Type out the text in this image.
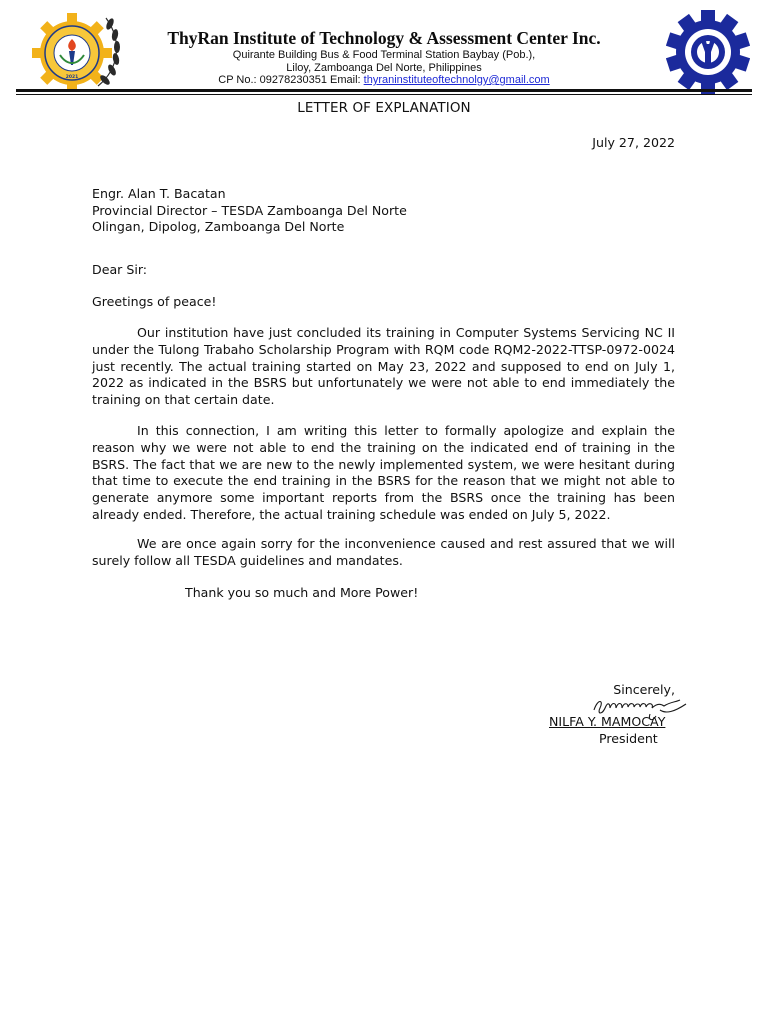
2021
ThyRan Institute of Technology & Assessment Center Inc.
Quirante Building Bus & Food Terminal Station Baybay (Pob.),
Liloy, Zamboanga Del Norte, Philippines
CP No.: 09278230351 Email: thyraninstituteoftechnolgy@gmail.com
LETTER OF EXPLANATION
July 27, 2022
Engr. Alan T. Bacatan
Provincial Director – TESDA Zamboanga Del Norte
Olingan, Dipolog, Zamboanga Del Norte
Dear Sir:
Greetings of peace!
Our institution have just concluded its training in Computer Systems Servicing NC II under the Tulong Trabaho Scholarship Program with RQM code RQM2-2022-TTSP-0972-0024 just recently. The actual training started on May 23, 2022 and supposed to end on July 1, 2022 as indicated in the BSRS but unfortunately we were not able to end immediately the training on that certain date.
In this connection, I am writing this letter to formally apologize and explain the reason why we were not able to end the training on the indicated end of training in the BSRS. The fact that we are new to the newly implemented system, we were hesitant during that time to execute the end training in the BSRS for the reason that we might not able to generate anymore some important reports from the BSRS once the training has been already ended. Therefore, the actual training schedule was ended on July 5, 2022.
We are once again sorry for the inconvenience caused and rest assured that we will surely follow all TESDA guidelines and mandates.
Thank you so much and More Power!
Sincerely,
NILFA Y. MAMOCAY
President
